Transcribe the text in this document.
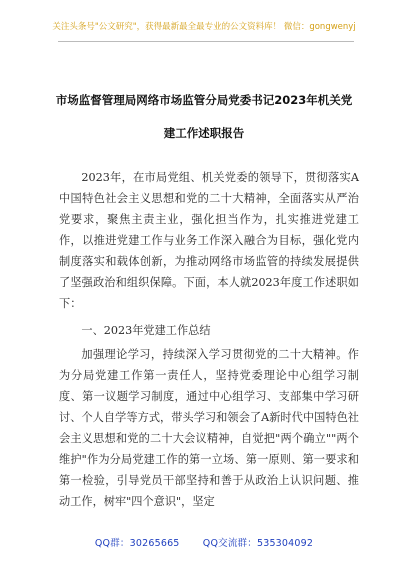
关注头条号"公文研究"，获得最新最全最专业的公文资料库！ 微信：gongwenyj
市场监督管理局网络市场监管分局党委书记2023年机关党
建工作述职报告

2023年，在市局党组、机关党委的领导下，贯彻落实A中国特色社会主义思想和党的二十大精神，全面落实从严治党要求，聚焦主责主业，强化担当作为，扎实推进党建工作，以推进党建工作与业务工作深入融合为目标，强化党内制度落实和载体创新，为推动网络市场监管的持续发展提供了坚强政治和组织保障。下面，本人就2023年度工作述职如下：

一、2023年党建工作总结

加强理论学习，持续深入学习贯彻党的二十大精神。作为分局党建工作第一责任人，坚持党委理论中心组学习制度、第一议题学习制度，通过中心组学习、支部集中学习研讨、个人自学等方式，带头学习和领会了A新时代中国特色社会主义思想和党的二十大会议精神，自觉把"两个确立""两个维护"作为分局党建工作的第一立场、第一原则、第一要求和第一检验，引导党员干部坚持和善于从政治上认识问题、推动工作，树牢"四个意识"，坚定

QQ群：30265665 QQ交流群：535304092
